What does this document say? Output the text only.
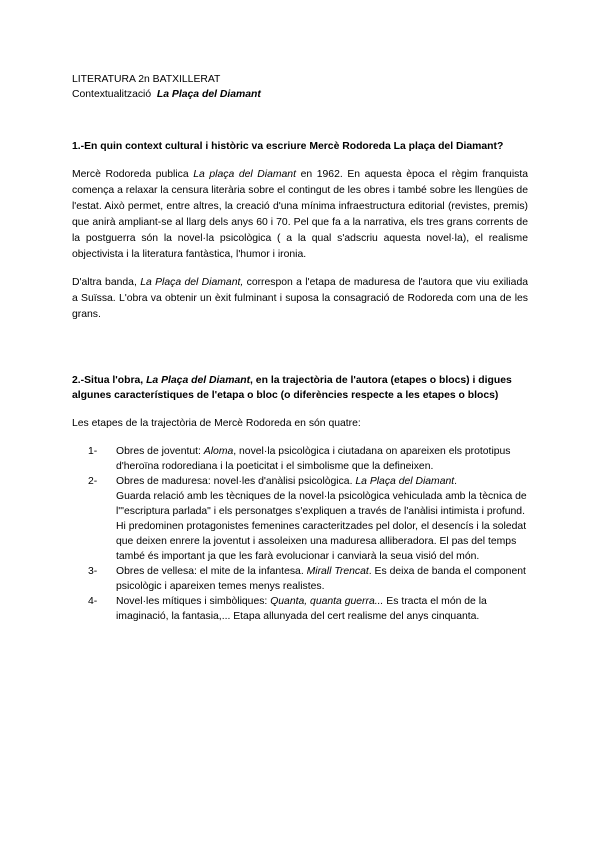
LITERATURA 2n BATXILLERAT
Contextualització La Plaça del Diamant
1.-En quin context cultural i històric va escriure Mercè Rodoreda La plaça del Diamant?
Mercè Rodoreda publica La plaça del Diamant en 1962. En aquesta època el règim franquista comença a relaxar la censura literària sobre el contingut de les obres i també sobre les llengües de l'estat. Això permet, entre altres, la creació d'una mínima infraestructura editorial (revistes, premis) que anirà ampliant-se al llarg dels anys 60 i 70. Pel que fa a la narrativa, els tres grans corrents de la postguerra són la novel·la psicològica ( a la qual s'adscriu aquesta novel·la), el realisme objectivista i la literatura fantàstica, l'humor i ironia.
D'altra banda, La Plaça del Diamant, correspon a l'etapa de maduresa de l'autora que viu exiliada a Suïssa. L'obra va obtenir un èxit fulminant i suposa la consagració de Rodoreda com una de les grans.
2.-Situa l'obra, La Plaça del Diamant, en la trajectòria de l'autora (etapes o blocs) i digues algunes característiques de l'etapa o bloc (o diferències respecte a les etapes o blocs)
Les etapes de la trajectòria de Mercè Rodoreda en són quatre:
1- Obres de joventut: Aloma, novel·la psicològica i ciutadana on apareixen els prototipus d'heroïna rodorediana i la poeticitat i el simbolisme que la defineixen.
2- Obres de maduresa: novel·les d'anàlisi psicològica. La Plaça del Diamant.
Guarda relació amb les tècniques de la novel·la psicològica vehiculada amb la tècnica de l'"escriptura parlada" i els personatges s'expliquen a través de l'anàlisi intimista i profund.
Hi predominen protagonistes femenines caracteritzades pel dolor, el desencís i la soledat que deixen enrere la joventut i assoleixen una maduresa alliberadora. El pas del temps també és important ja que les farà evolucionar i canviarà la seua visió del món.
3- Obres de vellesa: el mite de la infantesa. Mirall Trencat. Es deixa de banda el component psicològic i apareixen temes menys realistes.
4- Novel·les mítiques i simbòliques: Quanta, quanta guerra... Es tracta el món de la imaginació, la fantasia,... Etapa allunyada del cert realisme del anys cinquanta.
